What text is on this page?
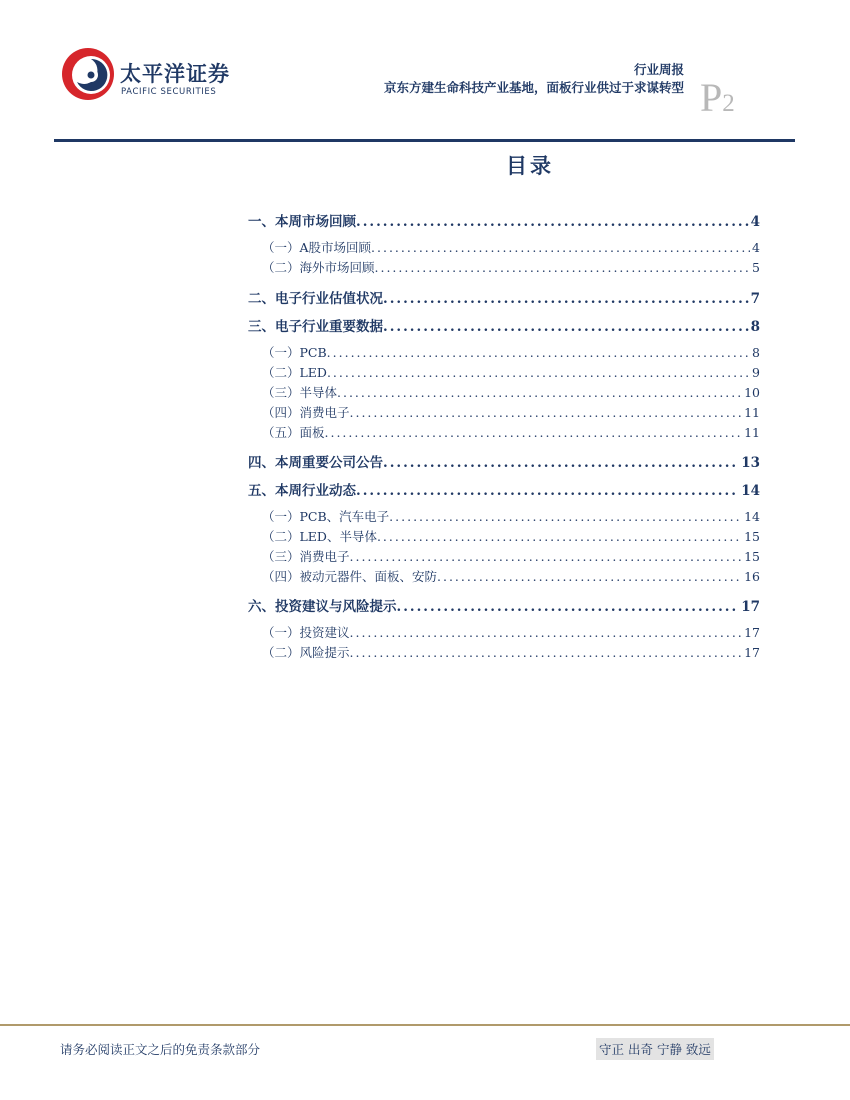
太平洋证券
PACIFIC SECURITIES
行业周报
京东方建生命科技产业基地，面板行业供过于求谋转型 P2
目录
一、本周市场回顾 .....	4
（一）A股市场回顾 .....	4
（二）海外市场回顾 .....	5
二、电子行业估值状况 .....	7
三、电子行业重要数据 .....	8
（一）PCB .....	8
（二）LED .....	9
（三）半导体 .....	10
（四）消费电子 .....	11
（五）面板 .....	11
四、本周重要公司公告 .....	13
五、本周行业动态 .....	14
（一）PCB、汽车电子 .....	14
（二）LED、半导体 .....	15
（三）消费电子 .....	15
（四）被动元器件、面板、安防 .....	16
六、投资建议与风险提示 .....	17
（一）投资建议 .....	17
（二）风险提示 .....	17
请务必阅读正文之后的免责条款部分	守正 出奇 宁静 致远
